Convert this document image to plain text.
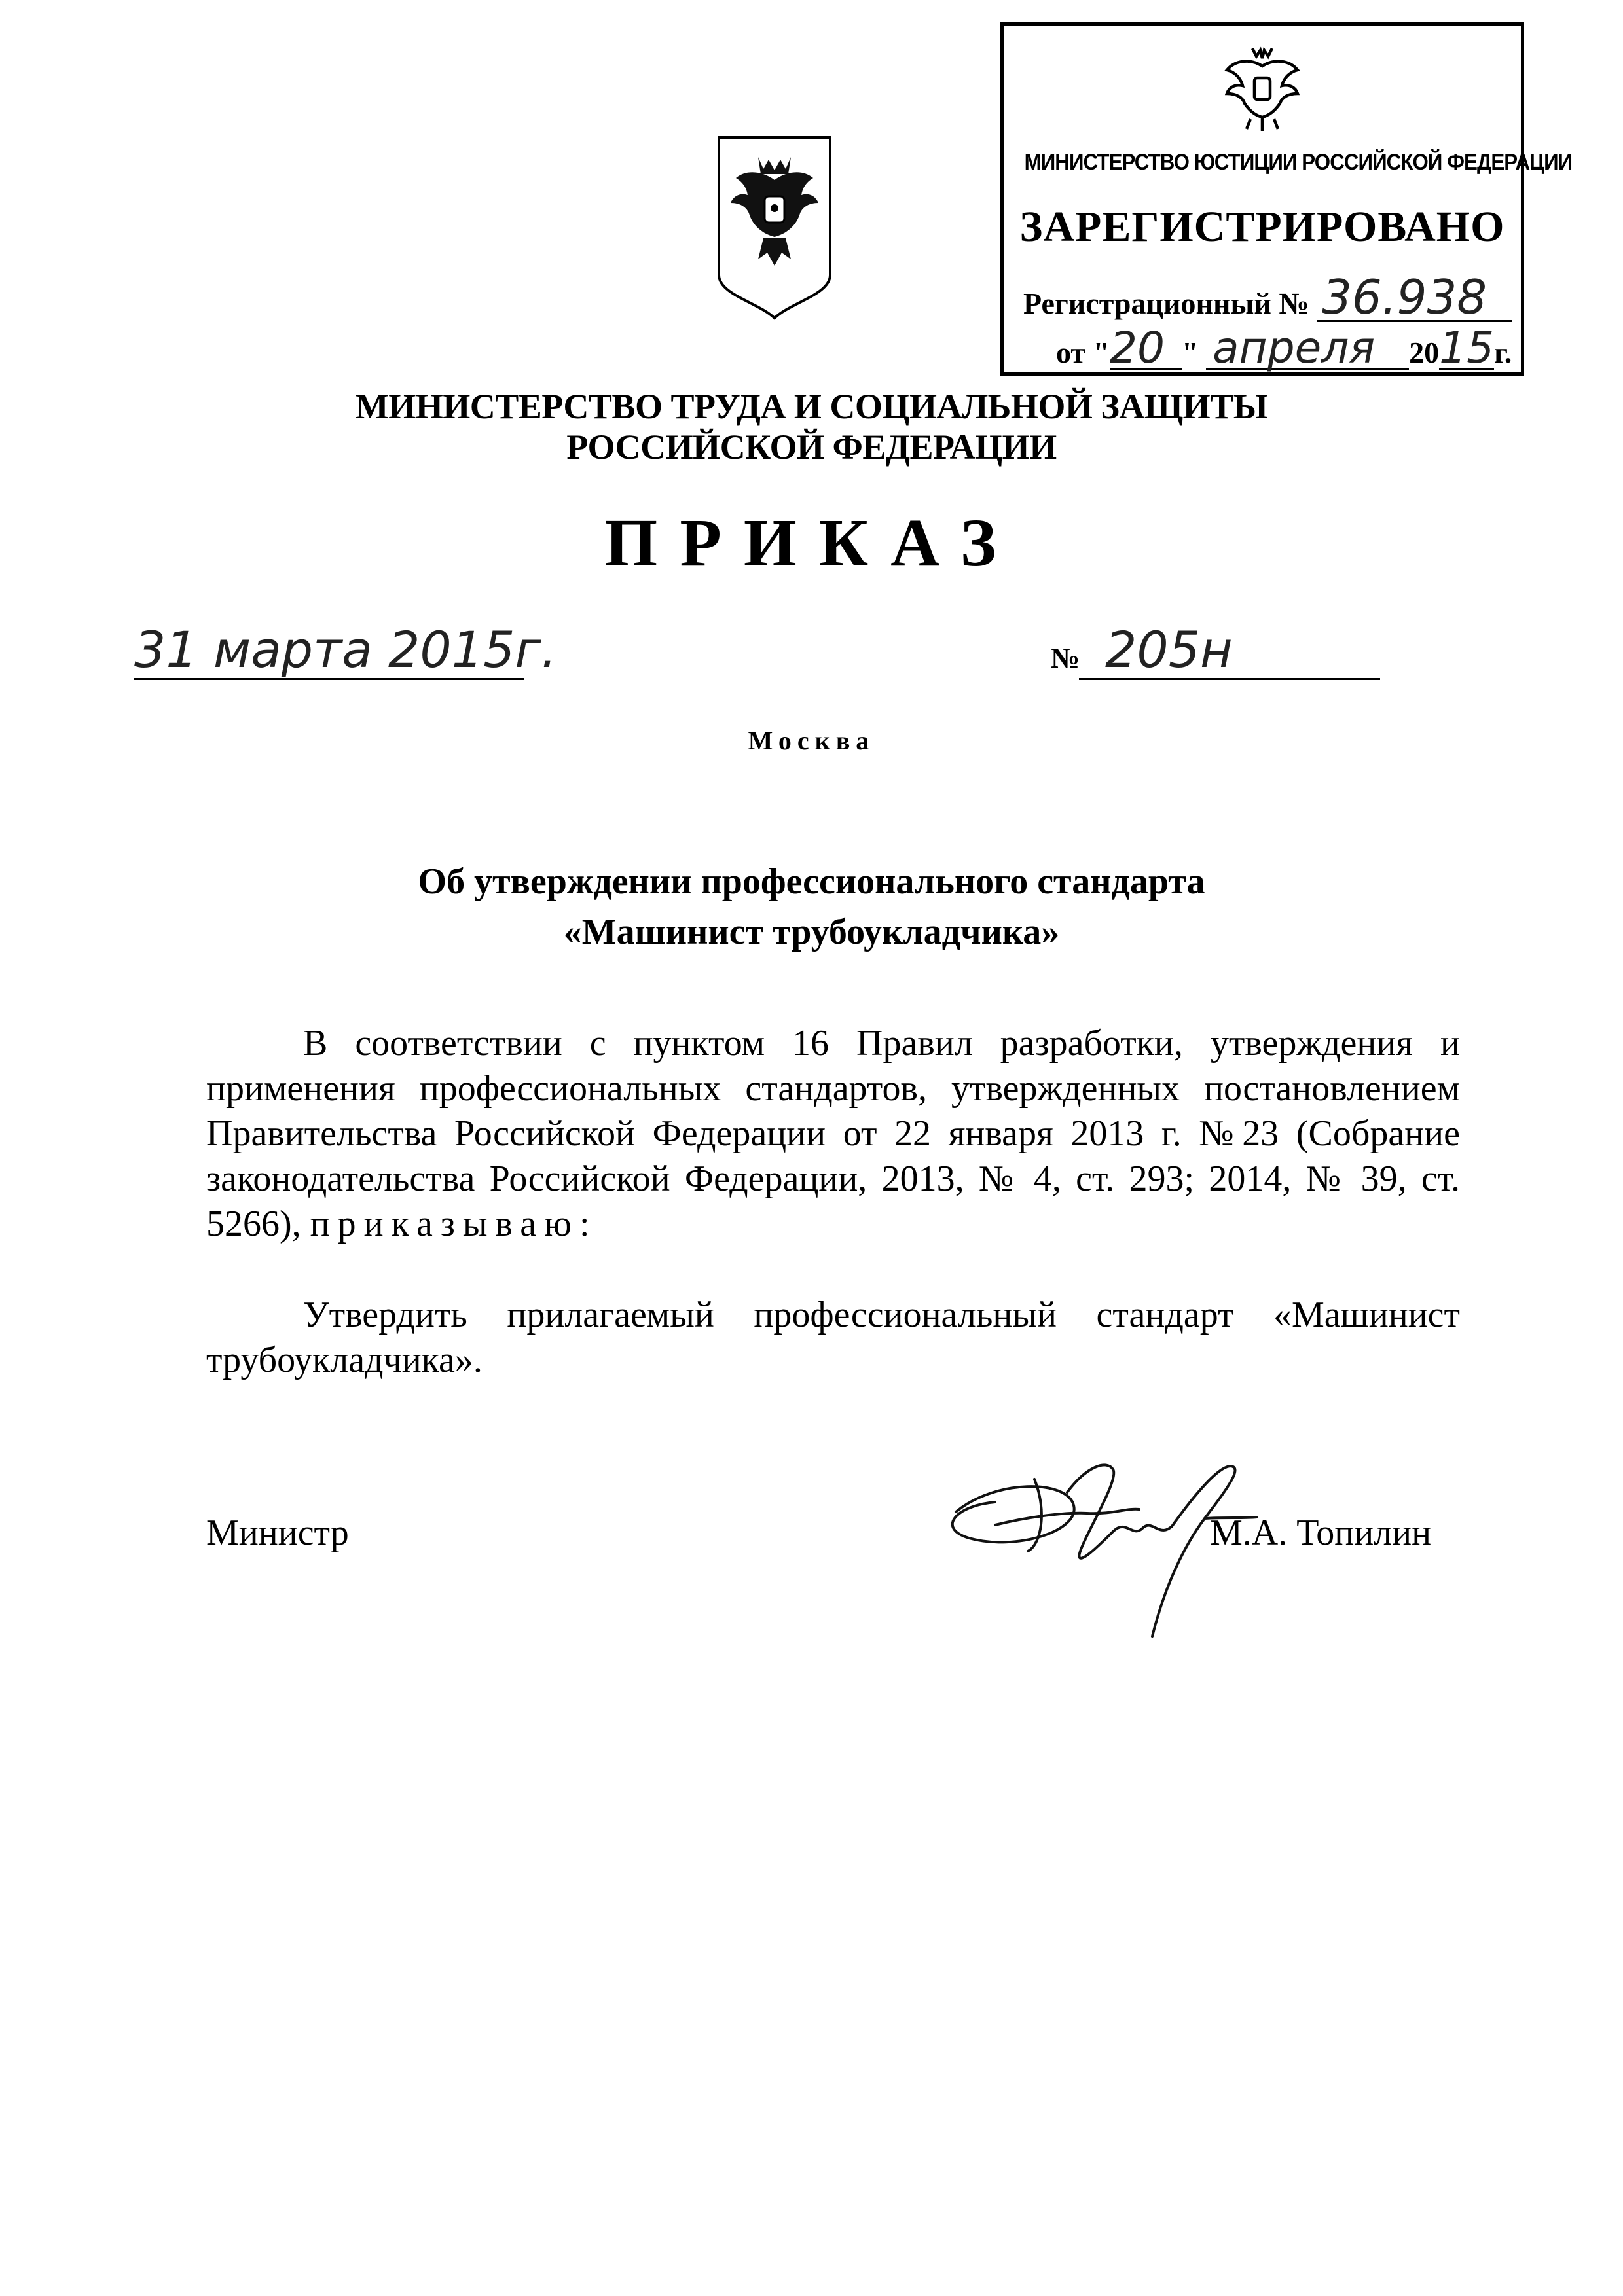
МИНИСТЕРСТВО ЮСТИЦИИ РОССИЙСКОЙ ФЕДЕРАЦИИ
ЗАРЕГИСТРИРОВАНО
Регистрационный № 36.938
от "20 " апреля 2015г.
МИНИСТЕРСТВО ТРУДА И СОЦИАЛЬНОЙ ЗАЩИТЫ
РОССИЙСКОЙ ФЕДЕРАЦИИ
ПРИКАЗ
31 марта 2015г.	№ 205н
Москва
Об утверждении профессионального стандарта
«Машинист трубоукладчика»
В соответствии с пунктом 16 Правил разработки, утверждения и применения профессиональных стандартов, утвержденных постановлением Правительства Российской Федерации от 22 января 2013 г. №23 (Собрание законодательства Российской Федерации, 2013, № 4, ст. 293; 2014, № 39, ст. 5266), приказываю:
Утвердить прилагаемый профессиональный стандарт «Машинист трубоукладчика».
Министр	М.А. Топилин
